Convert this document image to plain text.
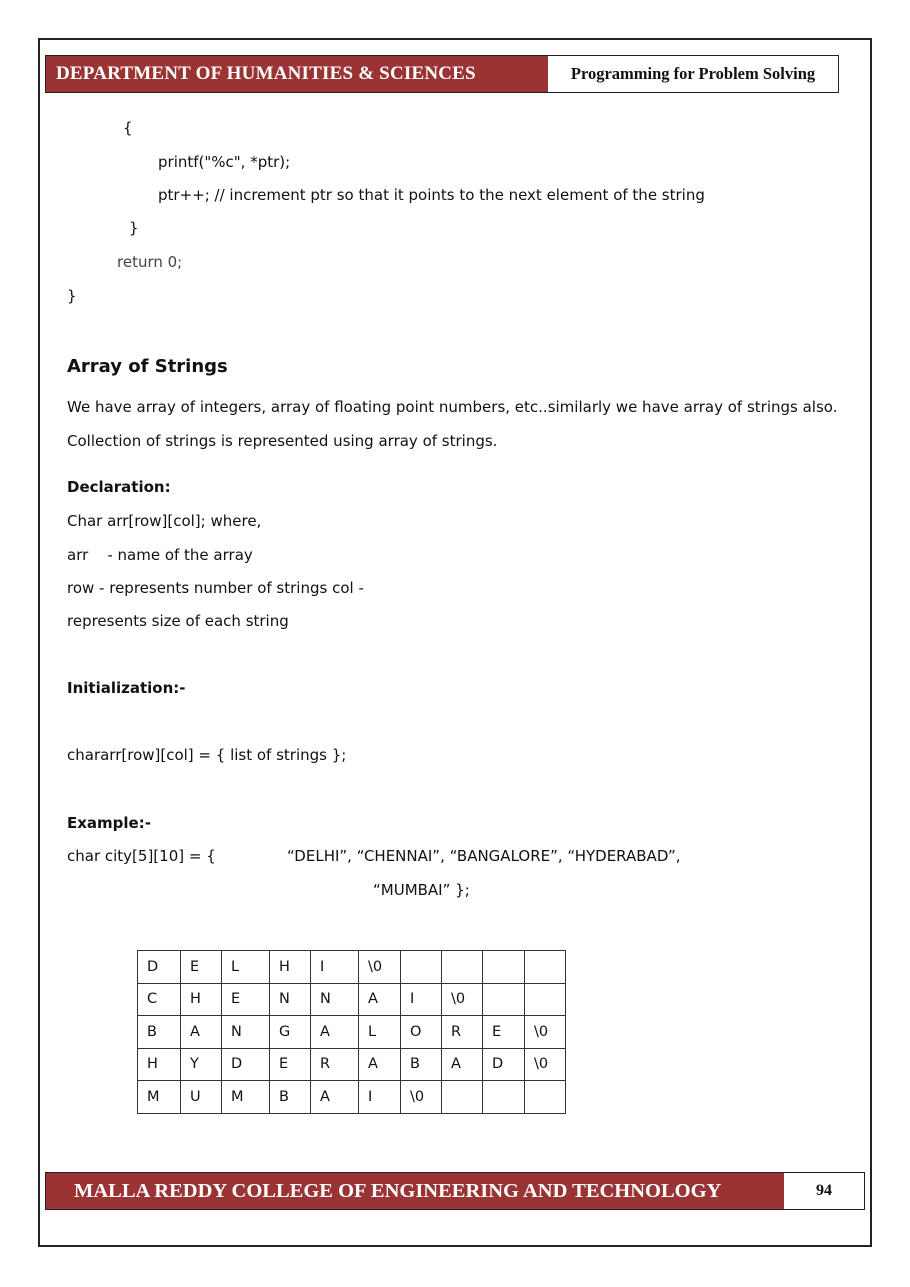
DEPARTMENT OF HUMANITIES & SCIENCES	Programming for Problem Solving
{
printf("%c", *ptr);
ptr++; // increment ptr so that it points to the next element of the string
}
return 0;
}
Array of Strings
We have array of integers, array of floating point numbers, etc..similarly we have array of strings also.
Collection of strings is represented using array of strings.
Declaration:
Char arr[row][col]; where,
arr    - name of the array
row - represents number of strings col -
represents size of each string
Initialization:-
chararr[row][col] = { list of strings };
Example:-
char city[5][10] = {	“DELHI”, “CHENNAI”, “BANGALORE”, “HYDERABAD”,
“MUMBAI” };
D	E	L	H	I	\0				
C	H	E	N	N	A	I	\0		
B	A	N	G	A	L	O	R	E	\0
H	Y	D	E	R	A	B	A	D	\0
M	U	M	B	A	I	\0			
MALLA REDDY COLLEGE OF ENGINEERING AND TECHNOLOGY	94
